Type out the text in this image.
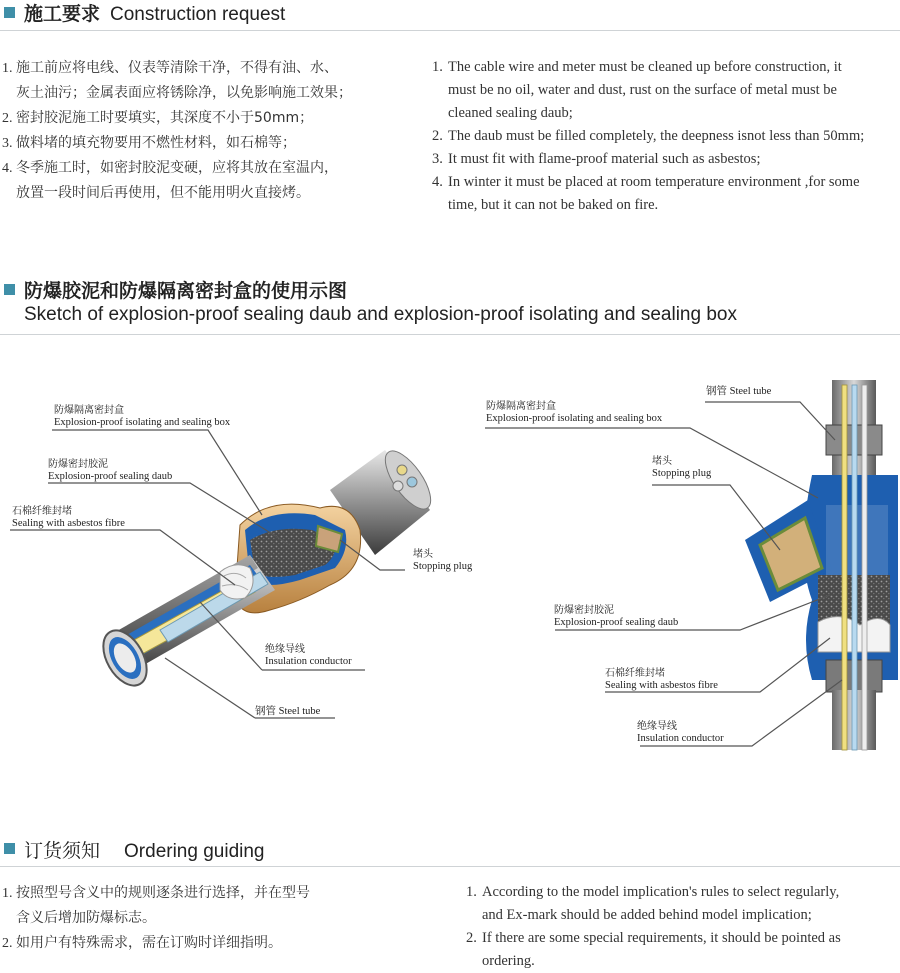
施工要求 Construction request
1. 施工前应将电线、仪表等清除干净，不得有油、水、
灰土油污；金属表面应将锈除净，以免影响施工效果；
2. 密封胶泥施工时要填实，其深度不小于50mm；
3. 做料堵的填充物要用不燃性材料，如石棉等；
4. 冬季施工时，如密封胶泥变硬，应将其放在室温内，
放置一段时间后再使用，但不能用明火直接烤。
1. The cable wire and meter must be cleaned up before construction, it
must be no oil, water and dust, rust on the surface of metal must be
cleaned sealing daub;
2. The daub must be filled completely, the deepness isnot less than 50mm;
3. It must fit with flame-proof material such as asbestos;
4. In winter it must be placed at room temperature environment ,for some
time, but it can not be baked on fire.
防爆胶泥和防爆隔离密封盒的使用示图
Sketch of explosion-proof sealing daub and explosion-proof isolating and sealing box
防爆隔离密封盒
Explosion-proof isolating and sealing box
防爆密封胶泥
Explosion-proof sealing daub
石棉纤维封堵
Sealing with asbestos fibre
堵头
Stopping plug
绝缘导线
Insulation conductor
钢管 Steel tube
钢管 Steel tube
防爆隔离密封盒
Explosion-proof isolating and sealing box
堵头
Stopping plug
防爆密封胶泥
Explosion-proof sealing daub
石棉纤维封堵
Sealing with asbestos fibre
绝缘导线
Insulation conductor
订货须知 Ordering guiding
1. 按照型号含义中的规则逐条进行选择，并在型号
含义后增加防爆标志。
2. 如用户有特殊需求，需在订购时详细指明。
1. According to the model implication's rules to select regularly,
and Ex-mark should be added behind model implication;
2. If there are some special requirements, it should be pointed as
ordering.
